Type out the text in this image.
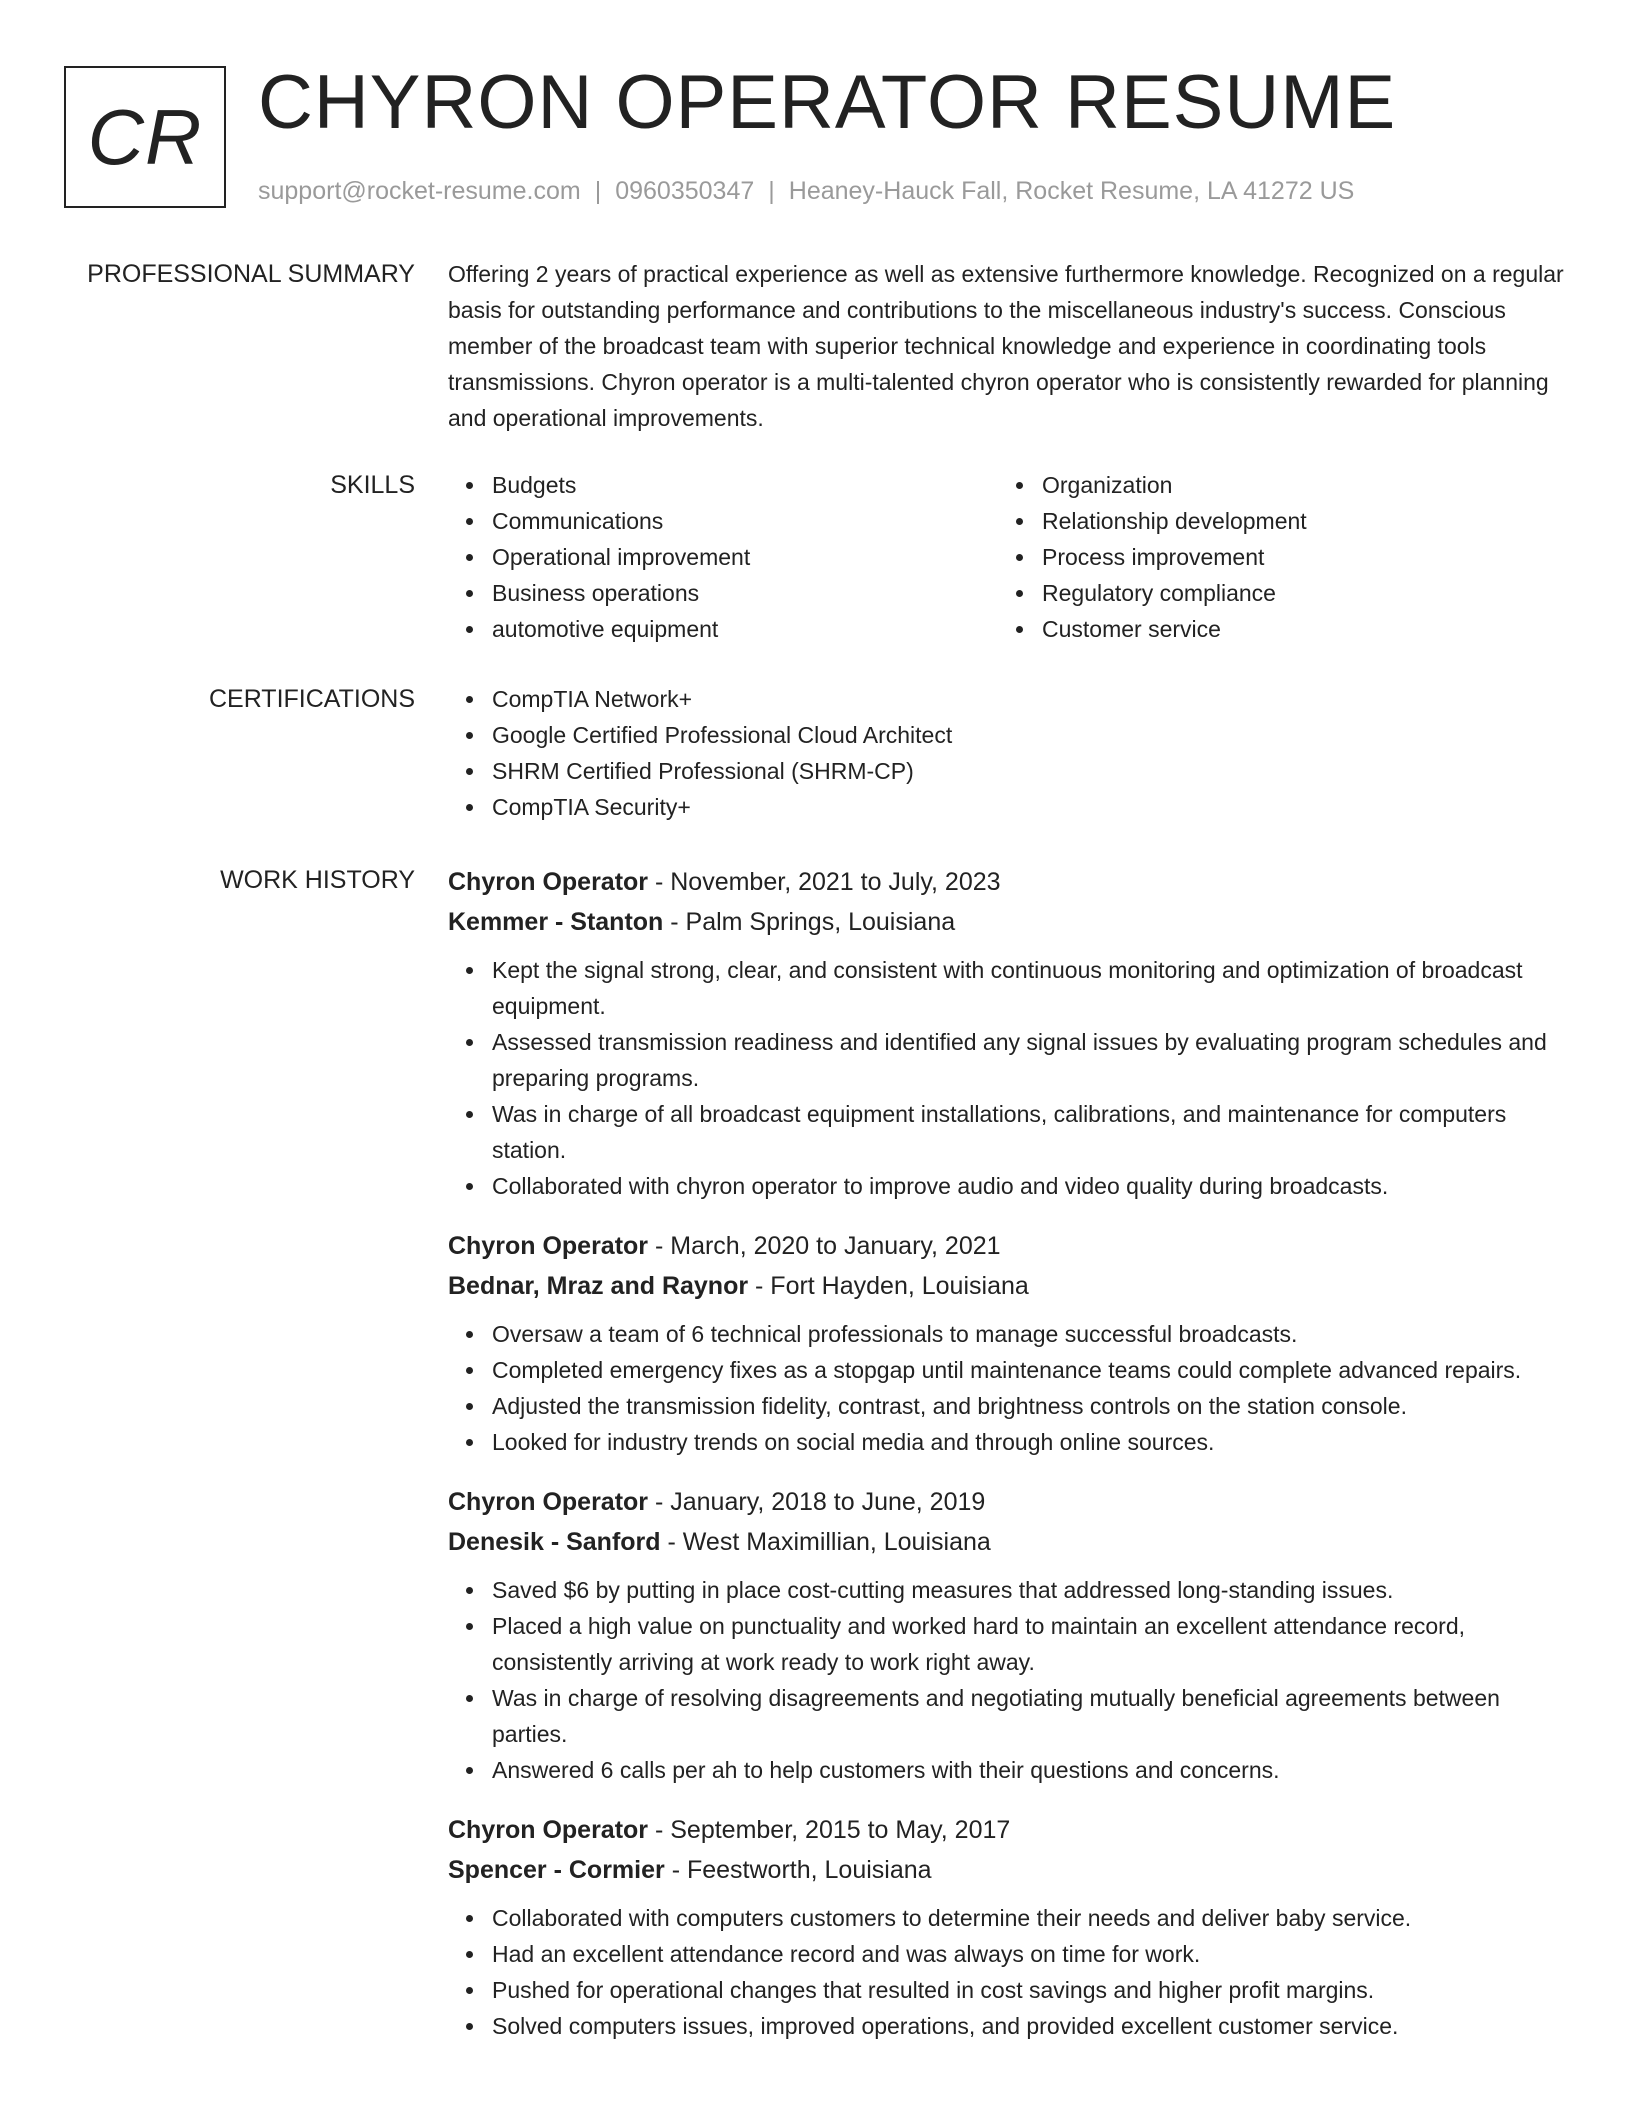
CR CHYRON OPERATOR RESUME
support@rocket-resume.com | 0960350347 | Heaney-Hauck Fall, Rocket Resume, LA 41272 US
PROFESSIONAL SUMMARY Offering 2 years of practical experience as well as extensive furthermore knowledge. Recognized on a regular basis for outstanding performance and contributions to the miscellaneous industry's success. Conscious member of the broadcast team with superior technical knowledge and experience in coordinating tools transmissions. Chyron operator is a multi-talented chyron operator who is consistently rewarded for planning and operational improvements.

SKILLS	Budgets
Communications
Operational improvement
Business operations
automotive equipment
Organization
Relationship development
Process improvement
Regulatory compliance
Customer service
CERTIFICATIONS	CompTIA Network+
Google Certified Professional Cloud Architect
SHRM Certified Professional (SHRM-CP)
CompTIA Security+
WORK HISTORY Chyron Operator - November, 2021 to July, 2023
Kemmer - Stanton - Palm Springs, Louisiana
Kept the signal strong, clear, and consistent with continuous monitoring and optimization of broadcast equipment.
Assessed transmission readiness and identified any signal issues by evaluating program schedules and preparing programs.
Was in charge of all broadcast equipment installations, calibrations, and maintenance for computers station.
Collaborated with chyron operator to improve audio and video quality during broadcasts.
Chyron Operator - March, 2020 to January, 2021
Bednar, Mraz and Raynor - Fort Hayden, Louisiana
Oversaw a team of 6 technical professionals to manage successful broadcasts.
Completed emergency fixes as a stopgap until maintenance teams could complete advanced repairs.
Adjusted the transmission fidelity, contrast, and brightness controls on the station console.
Looked for industry trends on social media and through online sources.
Chyron Operator - January, 2018 to June, 2019
Denesik - Sanford - West Maximillian, Louisiana
Saved $6 by putting in place cost-cutting measures that addressed long-standing issues.
Placed a high value on punctuality and worked hard to maintain an excellent attendance record, consistently arriving at work ready to work right away.
Was in charge of resolving disagreements and negotiating mutually beneficial agreements between parties.
Answered 6 calls per ah to help customers with their questions and concerns.
Chyron Operator - September, 2015 to May, 2017
Spencer - Cormier - Feestworth, Louisiana
Collaborated with computers customers to determine their needs and deliver baby service.
Had an excellent attendance record and was always on time for work.
Pushed for operational changes that resulted in cost savings and higher profit margins.
Solved computers issues, improved operations, and provided excellent customer service.
